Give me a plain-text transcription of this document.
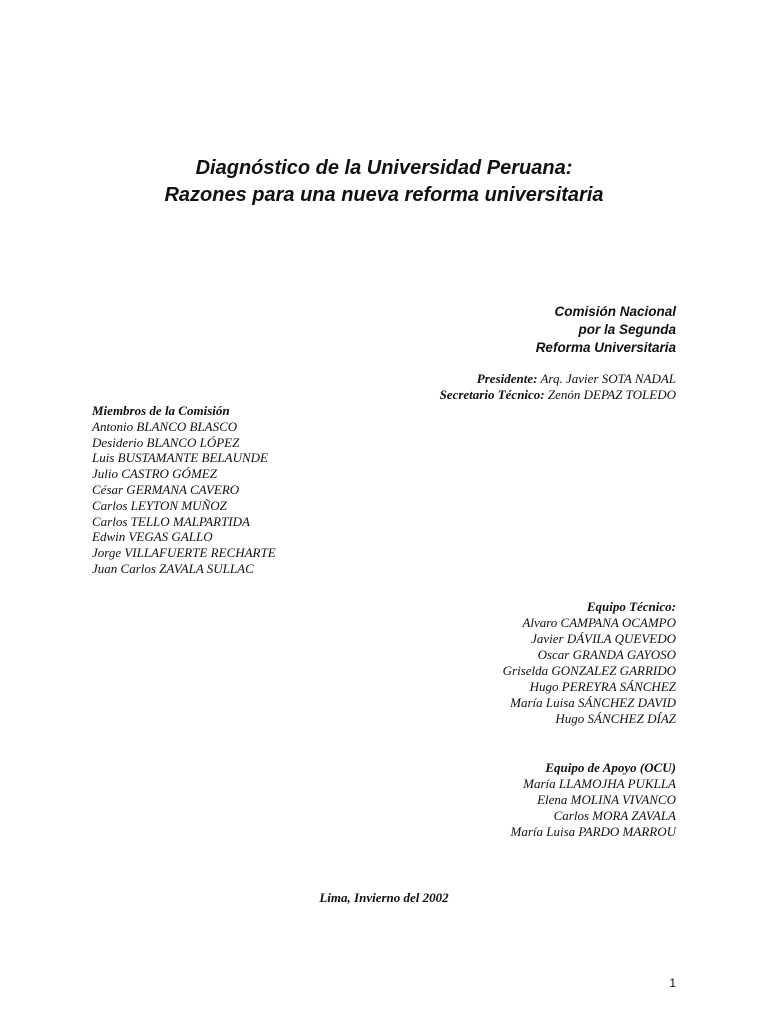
Diagnóstico de la Universidad Peruana:
Razones para una nueva reforma universitaria
Comisión Nacional
por la Segunda
Reforma Universitaria
Presidente: Arq. Javier SOTA NADAL
Secretario Técnico: Zenón DEPAZ TOLEDO
Miembros de la Comisión
Antonio BLANCO BLASCO
Desiderio BLANCO LÓPEZ
Luis BUSTAMANTE BELAUNDE
Julio CASTRO GÓMEZ
César GERMANA CAVERO
Carlos LEYTON MUÑOZ
Carlos TELLO MALPARTIDA
Edwin VEGAS GALLO
Jorge VILLAFUERTE RECHARTE
Juan Carlos ZAVALA SULLAC
Equipo Técnico:
Alvaro CAMPANA OCAMPO
Javier DÁVILA QUEVEDO
Oscar GRANDA GAYOSO
Griselda GONZALEZ GARRIDO
Hugo PEREYRA SÁNCHEZ
María Luisa SÁNCHEZ DAVID
Hugo SÁNCHEZ DÍAZ
Equipo de Apoyo (OCU)
María LLAMOJHA PUKLLA
Elena MOLINA VIVANCO
Carlos MORA ZAVALA
María Luisa PARDO MARROU
Lima, Invierno del 2002
1
